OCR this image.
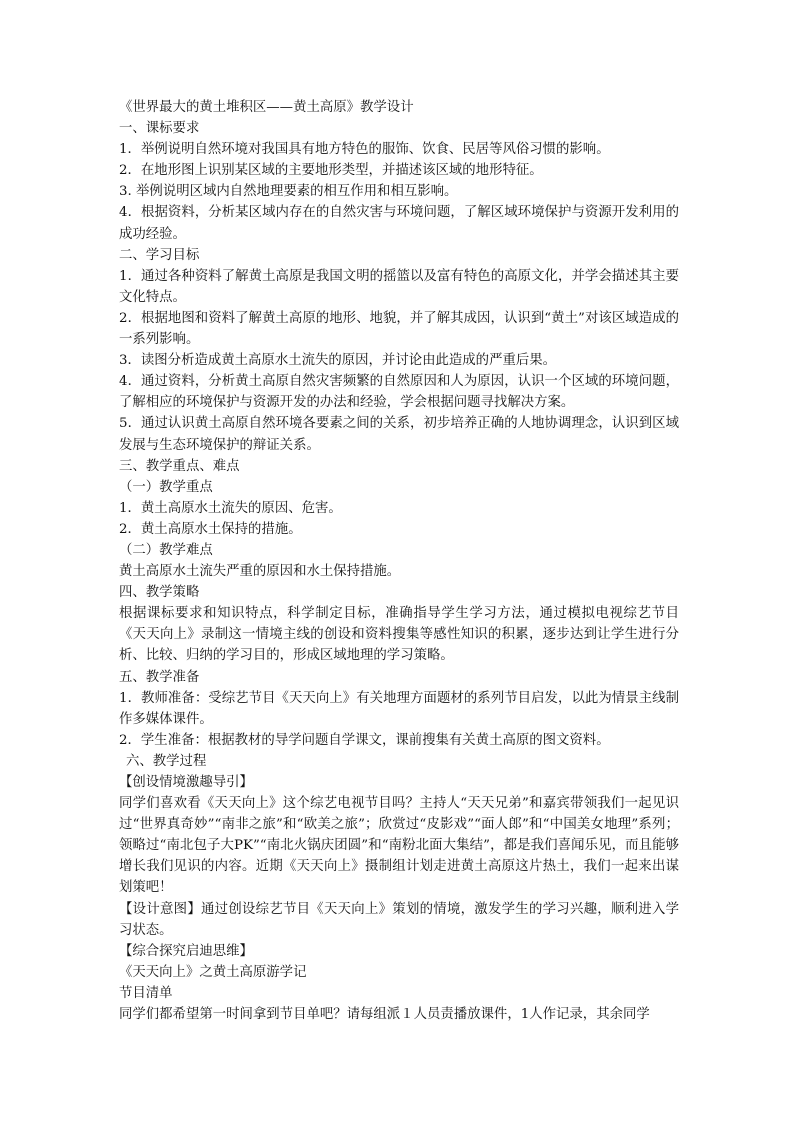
《世界最大的黄土堆积区——黄土高原》教学设计
一、课标要求
1．举例说明自然环境对我国具有地方特色的服饰、饮食、民居等风俗习惯的影响。
2．在地形图上识别某区域的主要地形类型，并描述该区域的地形特征。
3. 举例说明区域内自然地理要素的相互作用和相互影响。
4．根据资料，分析某区域内存在的自然灾害与环境问题，了解区域环境保护与资源开发利用的成功经验。
二、学习目标
1．通过各种资料了解黄土高原是我国文明的摇篮以及富有特色的高原文化，并学会描述其主要文化特点。
2．根据地图和资料了解黄土高原的地形、地貌，并了解其成因，认识到“黄土”对该区域造成的一系列影响。
3．读图分析造成黄土高原水土流失的原因，并讨论由此造成的严重后果。
4．通过资料，分析黄土高原自然灾害频繁的自然原因和人为原因，认识一个区域的环境问题，了解相应的环境保护与资源开发的办法和经验，学会根据问题寻找解决方案。
5．通过认识黄土高原自然环境各要素之间的关系，初步培养正确的人地协调理念，认识到区域发展与生态环境保护的辩证关系。
三、教学重点、难点
（一）教学重点
1．黄土高原水土流失的原因、危害。
2．黄土高原水土保持的措施。
（二）教学难点
黄土高原水土流失严重的原因和水土保持措施。
四、教学策略
根据课标要求和知识特点，科学制定目标，准确指导学生学习方法，通过模拟电视综艺节目《天天向上》录制这一情境主线的创设和资料搜集等感性知识的积累，逐步达到让学生进行分析、比较、归纳的学习目的，形成区域地理的学习策略。
五、教学准备
1．教师准备：受综艺节目《天天向上》有关地理方面题材的系列节目启发，以此为情景主线制作多媒体课件。
2．学生准备：根据教材的导学问题自学课文，课前搜集有关黄土高原的图文资料。
六、教学过程
【创设情境激趣导引】
同学们喜欢看《天天向上》这个综艺电视节目吗？主持人“天天兄弟”和嘉宾带领我们一起见识过“世界真奇妙”“南非之旅”和“欧美之旅”；欣赏过“皮影戏”“面人郎”和“中国美女地理”系列；领略过“南北包子大PK”“南北火锅庆团圆”和“南粉北面大集结”，都是我们喜闻乐见，而且能够增长我们见识的内容。近期《天天向上》摄制组计划走进黄土高原这片热土，我们一起来出谋划策吧！
【设计意图】通过创设综艺节目《天天向上》策划的情境，激发学生的学习兴趣，顺利进入学习状态。
【综合探究启迪思维】
《天天向上》之黄土高原游学记
节目清单
同学们都希望第一时间拿到节目单吧？请每组派１人员责播放课件，1人作记录，其余同学
